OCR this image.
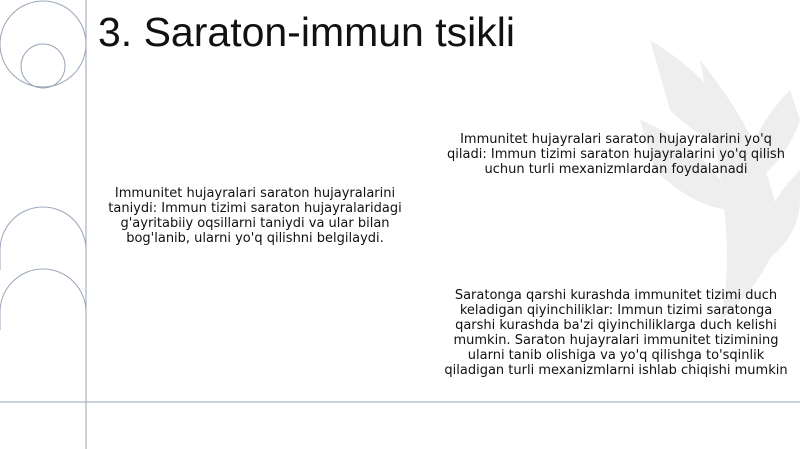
3. Saraton-immun tsikli

Immunitet hujayralari saraton hujayralarini yo'q qiladi: Immun tizimi saraton hujayralarini yo'q qilish uchun turli mexanizmlardan foydalanadi

Immunitet hujayralari saraton hujayralarini taniydi: Immun tizimi saraton hujayralaridagi g'ayritabiiy oqsillarni taniydi va ular bilan bog'lanib, ularni yo'q qilishni belgilaydi.

Saratonga qarshi kurashda immunitet tizimi duch keladigan qiyinchiliklar: Immun tizimi saratonga qarshi kurashda ba'zi qiyinchiliklarga duch kelishi mumkin. Saraton hujayralari immunitet tizimining ularni tanib olishiga va yo'q qilishga to'sqinlik qiladigan turli mexanizmlarni ishlab chiqishi mumkin
